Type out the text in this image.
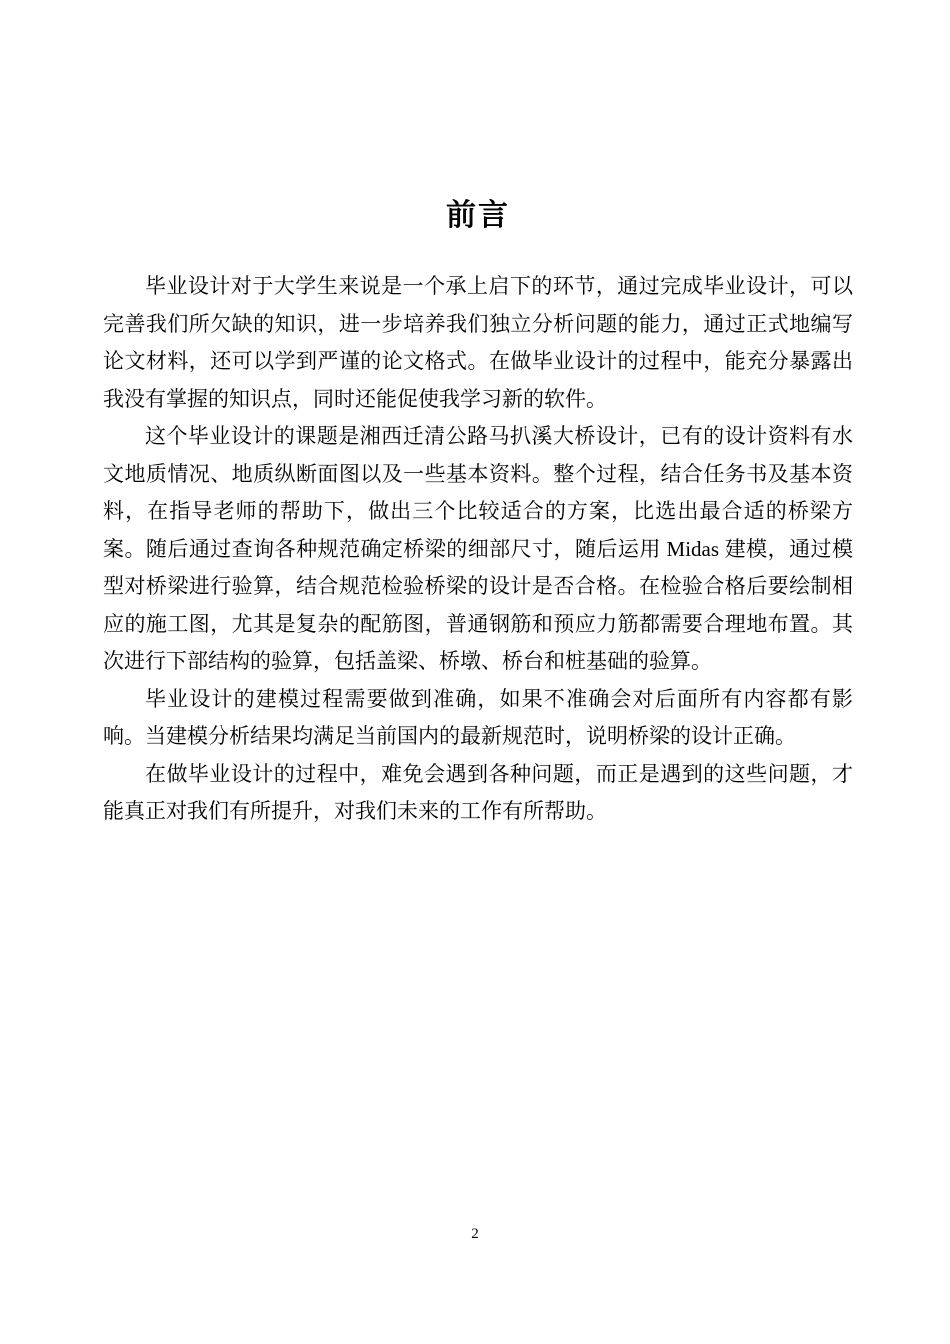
前言

毕业设计对于大学生来说是一个承上启下的环节，通过完成毕业设计，可以完善我们所欠缺的知识，进一步培养我们独立分析问题的能力，通过正式地编写论文材料，还可以学到严谨的论文格式。在做毕业设计的过程中，能充分暴露出我没有掌握的知识点，同时还能促使我学习新的软件。

这个毕业设计的课题是湘西迁清公路马扒溪大桥设计，已有的设计资料有水文地质情况、地质纵断面图以及一些基本资料。整个过程，结合任务书及基本资料，在指导老师的帮助下，做出三个比较适合的方案，比选出最合适的桥梁方案。随后通过查询各种规范确定桥梁的细部尺寸，随后运用 Midas 建模，通过模型对桥梁进行验算，结合规范检验桥梁的设计是否合格。在检验合格后要绘制相应的施工图，尤其是复杂的配筋图，普通钢筋和预应力筋都需要合理地布置。其次进行下部结构的验算，包括盖梁、桥墩、桥台和桩基础的验算。

毕业设计的建模过程需要做到准确，如果不准确会对后面所有内容都有影响。当建模分析结果均满足当前国内的最新规范时，说明桥梁的设计正确。

在做毕业设计的过程中，难免会遇到各种问题，而正是遇到的这些问题，才能真正对我们有所提升，对我们未来的工作有所帮助。

2
